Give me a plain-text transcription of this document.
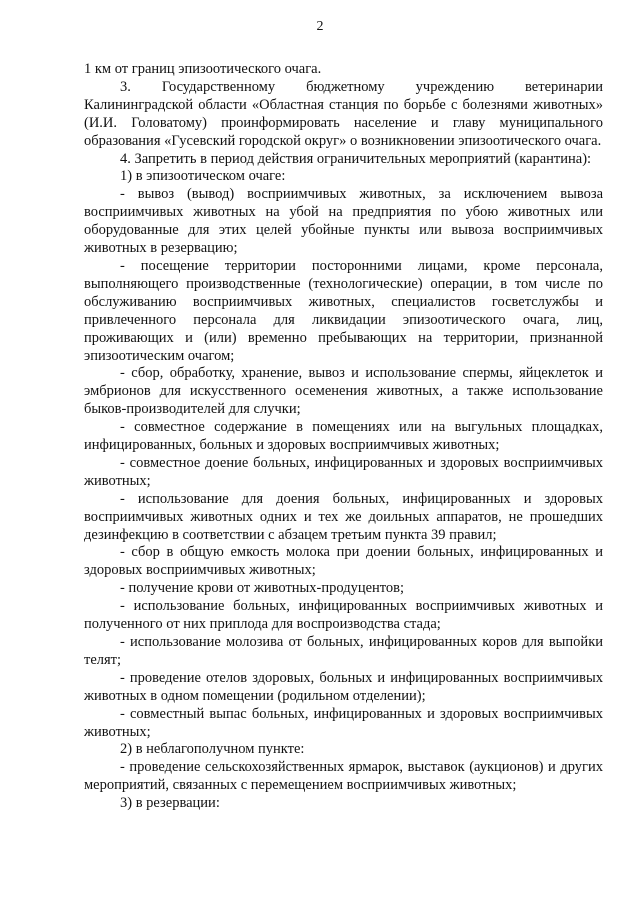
2

1 км от границ эпизоотического очага.

3. Государственному бюджетному учреждению ветеринарии Калининградской области «Областная станция по борьбе с болезнями животных» (И.И. Головатому) проинформировать население и главу муниципального образования «Гусевский городской округ» о возникновении эпизоотического очага.

4. Запретить в период действия ограничительных мероприятий (карантина):

1) в эпизоотическом очаге:

- вывоз (вывод) восприимчивых животных, за исключением вывоза восприимчивых животных на убой на предприятия по убою животных или оборудованные для этих целей убойные пункты или вывоза восприимчивых животных в резервацию;

- посещение территории посторонними лицами, кроме персонала, выполняющего производственные (технологические) операции, в том числе по обслуживанию восприимчивых животных, специалистов госветслужбы и привлеченного персонала для ликвидации эпизоотического очага, лиц, проживающих и (или) временно пребывающих на территории, признанной эпизоотическим очагом;

- сбор, обработку, хранение, вывоз и использование спермы, яйцеклеток и эмбрионов для искусственного осеменения животных, а также использование быков-производителей для случки;

- совместное содержание в помещениях или на выгульных площадках, инфицированных, больных и здоровых восприимчивых животных;

- совместное доение больных, инфицированных и здоровых восприимчивых животных;

- использование для доения больных, инфицированных и здоровых восприимчивых животных одних и тех же доильных аппаратов, не прошедших дезинфекцию в соответствии с абзацем третьим пункта 39 правил;

- сбор в общую емкость молока при доении больных, инфицированных и здоровых восприимчивых животных;

- получение крови от животных-продуцентов;

- использование больных, инфицированных восприимчивых животных и полученного от них приплода для воспроизводства стада;

- использование молозива от больных, инфицированных коров для выпойки телят;

- проведение отелов здоровых, больных и инфицированных восприимчивых животных в одном помещении (родильном отделении);

- совместный выпас больных, инфицированных и здоровых восприимчивых животных;

2) в неблагополучном пункте:

- проведение сельскохозяйственных ярмарок, выставок (аукционов) и других мероприятий, связанных с перемещением восприимчивых животных;

3) в резервации:
